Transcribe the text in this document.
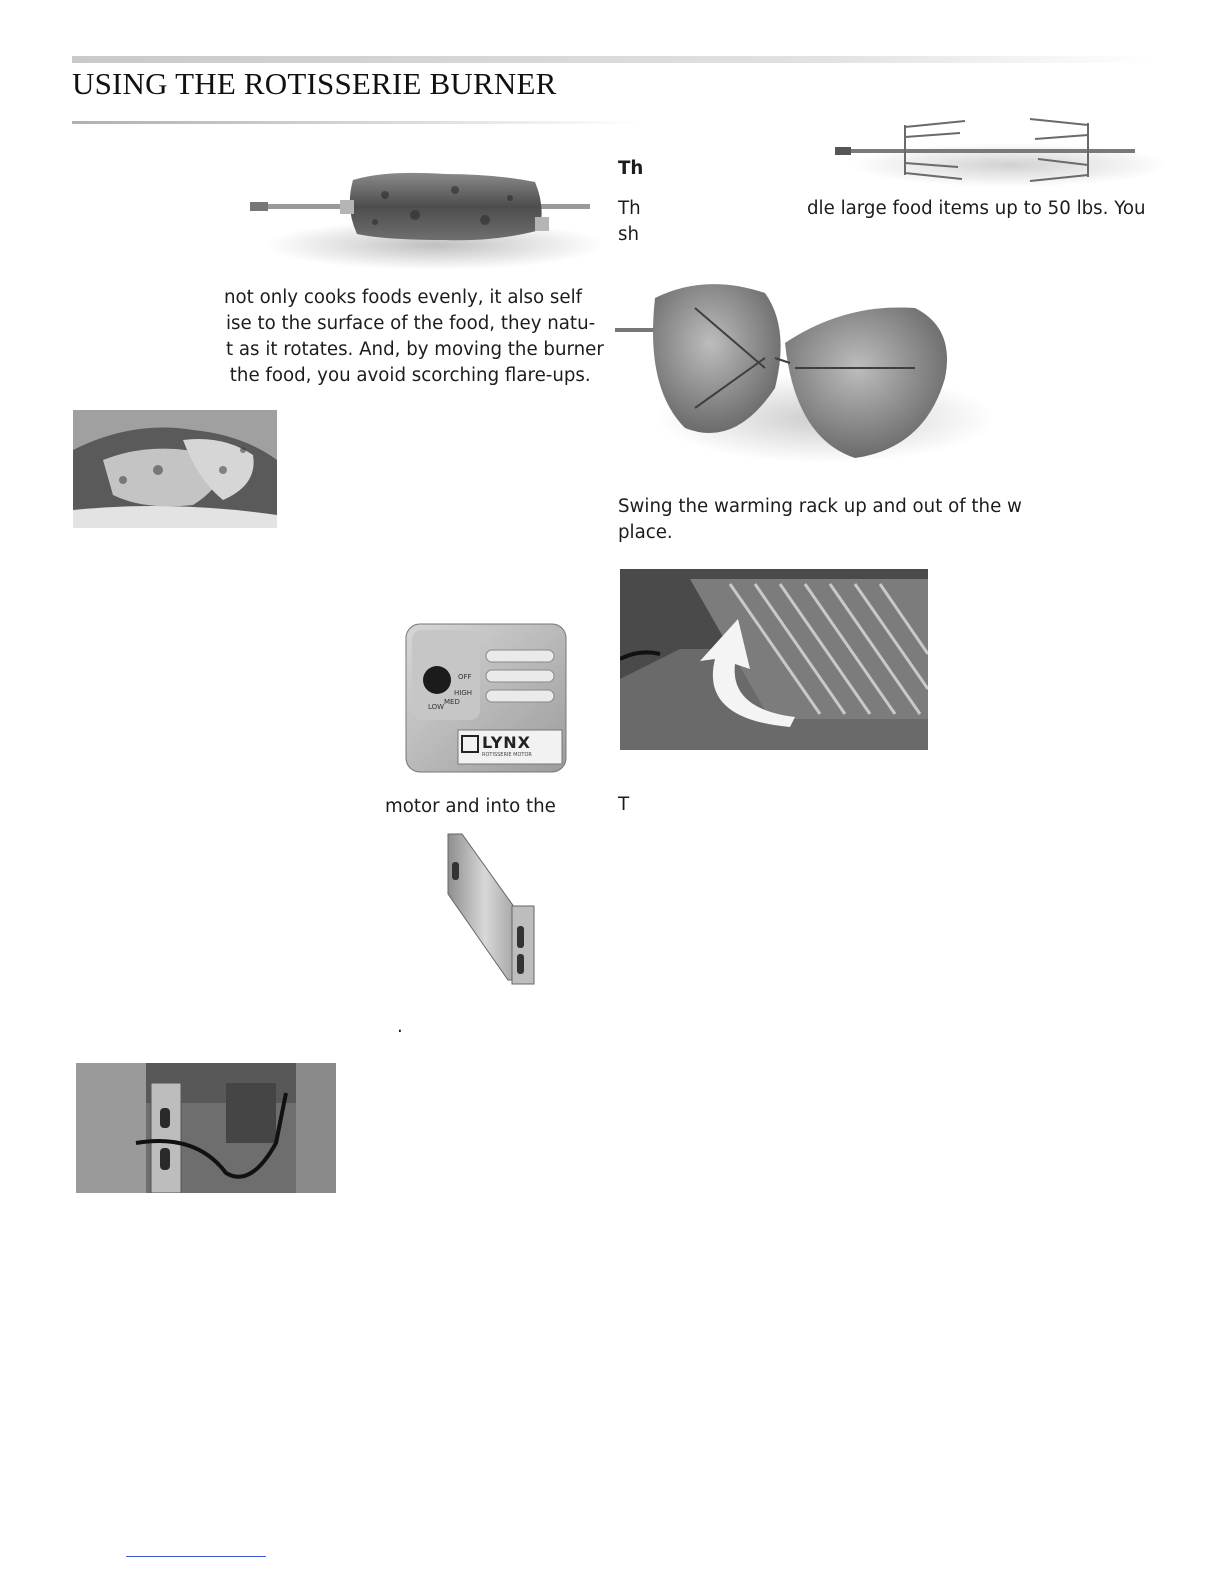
USING THE ROTISSERIE BURNER
not only cooks foods evenly, it also self
ise to the surface of the food, they natu-
t as it rotates. And, by moving the burner
the food, you avoid scorching flare-ups.
OFF
HIGH
MED
LOW
LYNX
ROTISSERIE MOTOR
motor and into the
.
Th
Th	dle large food items up to 50 lbs. You
sh
Swing the warming rack up and out of the w
place.
T
